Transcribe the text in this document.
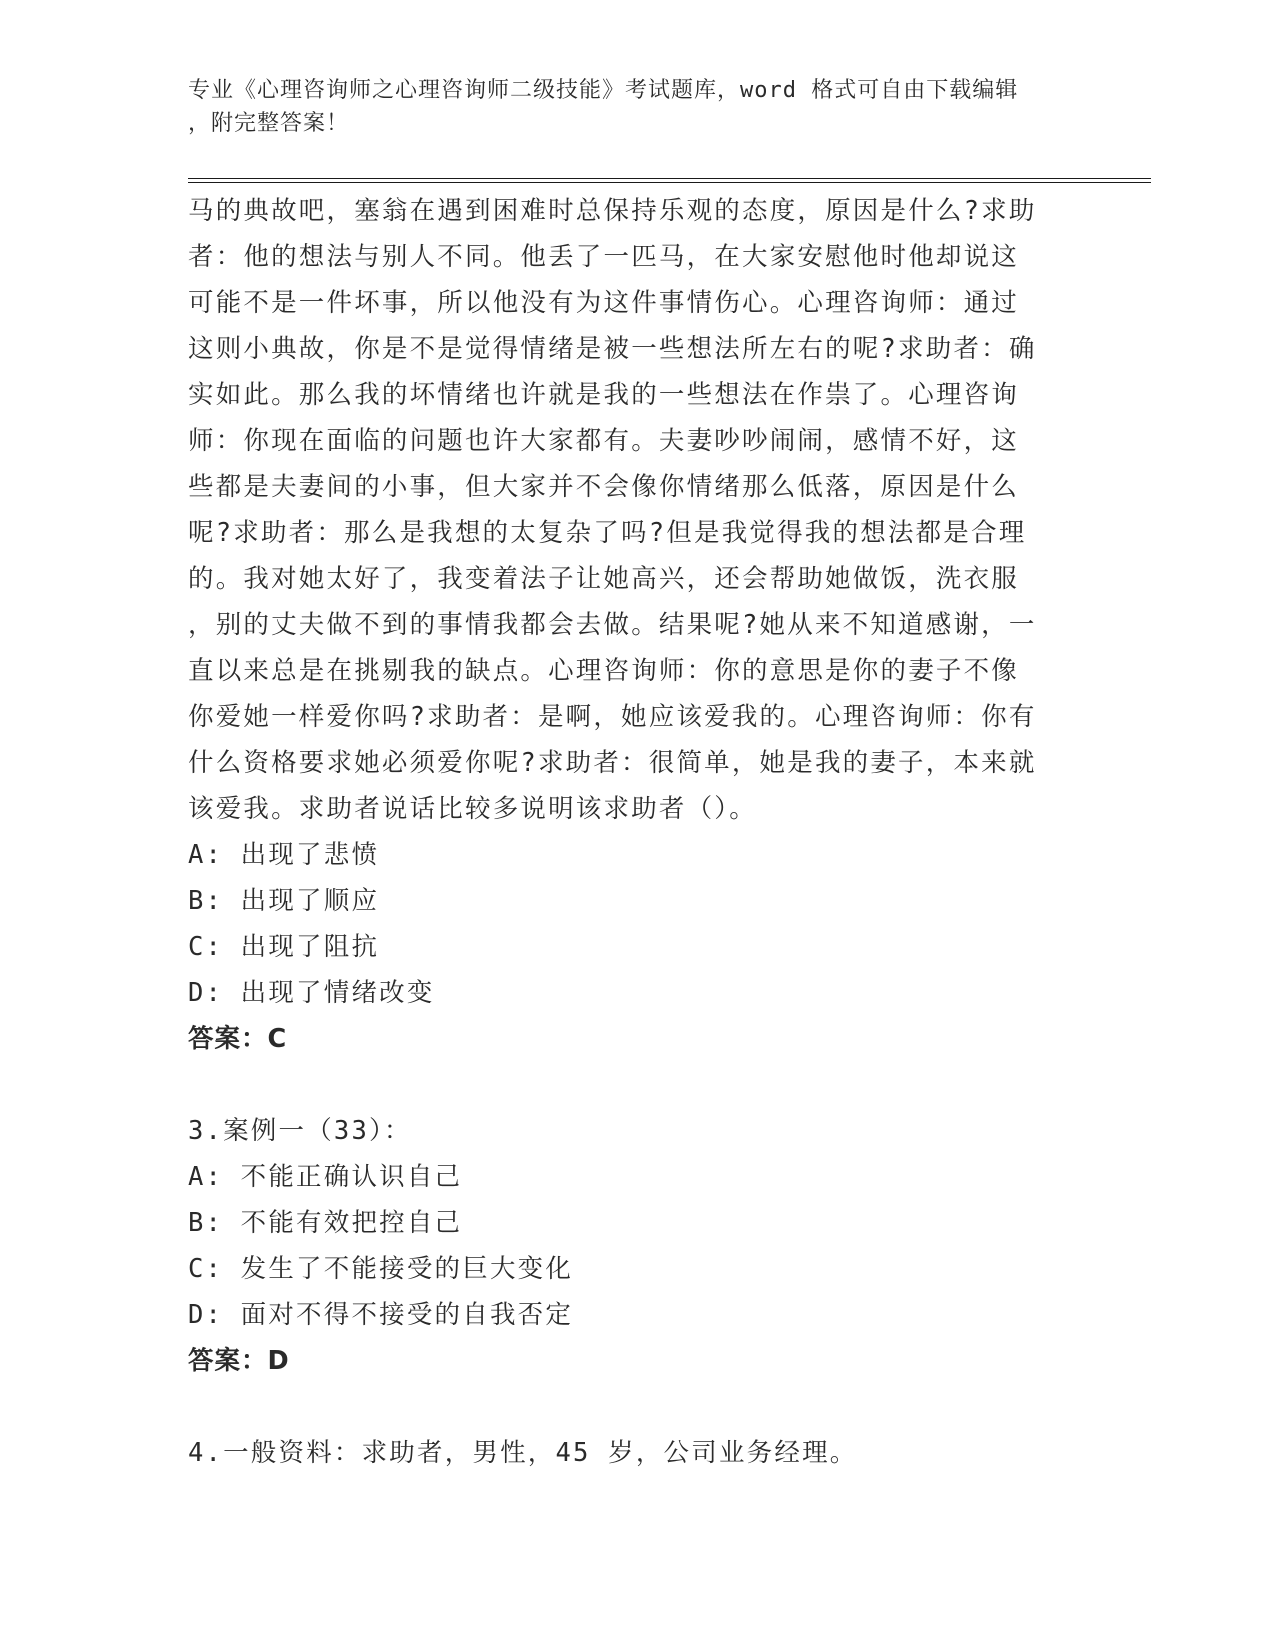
专业《心理咨询师之心理咨询师二级技能》考试题库，word 格式可自由下载编辑
，附完整答案！
马的典故吧，塞翁在遇到困难时总保持乐观的态度，原因是什么?求助
者：他的想法与别人不同。他丢了一匹马，在大家安慰他时他却说这
可能不是一件坏事，所以他没有为这件事情伤心。心理咨询师：通过
这则小典故，你是不是觉得情绪是被一些想法所左右的呢?求助者：确
实如此。那么我的坏情绪也许就是我的一些想法在作祟了。心理咨询
师：你现在面临的问题也许大家都有。夫妻吵吵闹闹，感情不好，这
些都是夫妻间的小事，但大家并不会像你情绪那么低落，原因是什么
呢?求助者：那么是我想的太复杂了吗?但是我觉得我的想法都是合理
的。我对她太好了，我变着法子让她高兴，还会帮助她做饭，洗衣服
，别的丈夫做不到的事情我都会去做。结果呢?她从来不知道感谢，一
直以来总是在挑剔我的缺点。心理咨询师：你的意思是你的妻子不像
你爱她一样爱你吗?求助者：是啊，她应该爱我的。心理咨询师：你有
什么资格要求她必须爱你呢?求助者：很简单，她是我的妻子，本来就
该爱我。求助者说话比较多说明该求助者（）。
A: 出现了悲愤
B: 出现了顺应
C: 出现了阻抗
D: 出现了情绪改变
答案：C
3.案例一（33）：
A: 不能正确认识自己
B: 不能有效把控自己
C: 发生了不能接受的巨大变化
D: 面对不得不接受的自我否定
答案：D
4.一般资料：求助者，男性，45 岁，公司业务经理。
